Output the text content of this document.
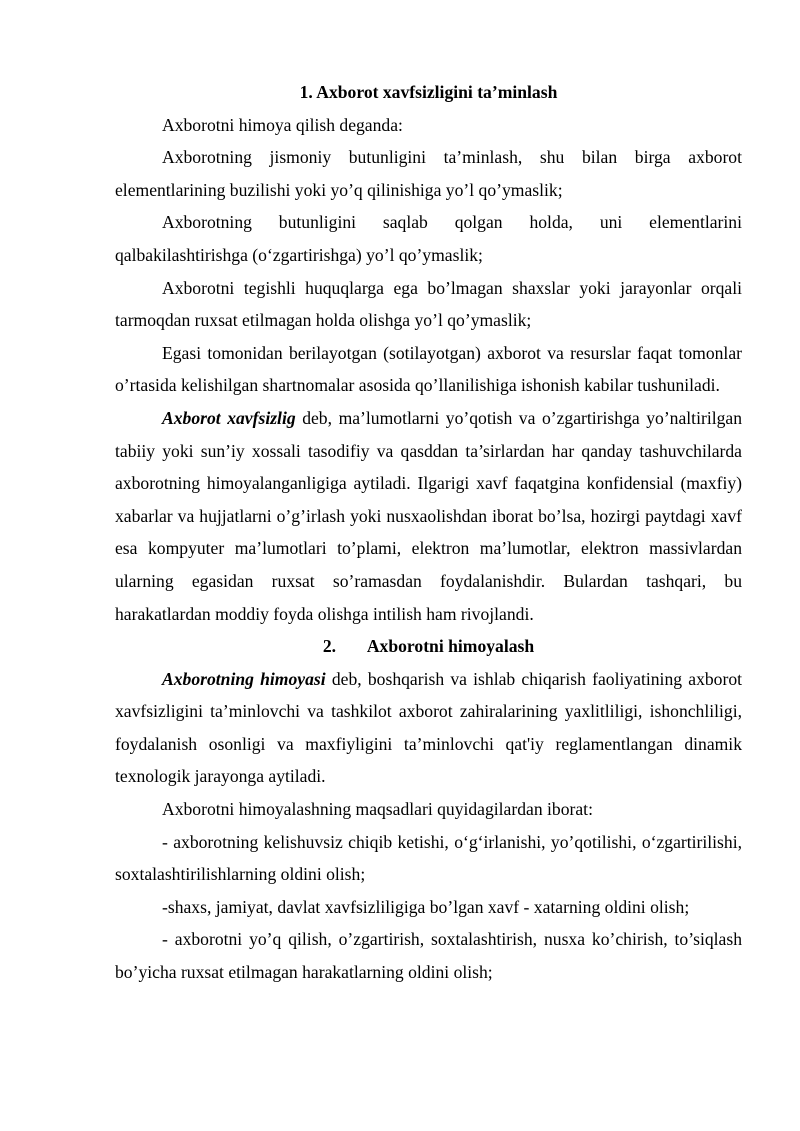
1. Axborot xavfsizligini ta’minlash

Axborotni himoya qilish deganda:

Axborotning jismoniy butunligini ta’minlash, shu bilan birga axborot elementlarining buzilishi yoki yo’q qilinishiga yo’l qo’ymaslik;

Axborotning butunligini saqlab qolgan holda, uni elementlarini qalbakilashtirishga (o‘zgartirishga) yo’l qo’ymaslik;

Axborotni tegishli huquqlarga ega bo’lmagan shaxslar yoki jarayonlar orqali tarmoqdan ruxsat etilmagan holda olishga yo’l qo’ymaslik;

Egasi tomonidan berilayotgan (sotilayotgan) axborot va resurslar faqat tomonlar o’rtasida kelishilgan shartnomalar asosida qo’llanilishiga ishonish kabilar tushuniladi.

Axborot xavfsizlig deb, ma’lumotlarni yo’qotish va o’zgartirishga yo’naltirilgan tabiiy yoki sun’iy xossali tasodifiy va qasddan ta’sirlardan har qanday tashuvchilarda axborotning himoyalanganligiga aytiladi. Ilgarigi xavf faqatgina konfidensial (maxfiy) xabarlar va hujjatlarni o’g’irlash yoki nusxaolishdan iborat bo’lsa, hozirgi paytdagi xavf esa kompyuter ma’lumotlari to’plami, elektron ma’lumotlar, elektron massivlardan ularning egasidan ruxsat so’ramasdan foydalanishdir. Bulardan tashqari, bu harakatlardan moddiy foyda olishga intilish ham rivojlandi.

2. Axborotni himoyalash

Axborotning himoyasi deb, boshqarish va ishlab chiqarish faoliyatining axborot xavfsizligini ta’minlovchi va tashkilot axborot zahiralarining yaxlitliligi, ishonchliligi, foydalanish osonligi va maxfiyligini ta’minlovchi qat'iy reglamentlangan dinamik texnologik jarayonga aytiladi.

Axborotni himoyalashning maqsadlari quyidagilardan iborat:

- axborotning kelishuvsiz chiqib ketishi, o‘g‘irlanishi, yo’qotilishi, o‘zgartirilishi, soxtalashtirilishlarning oldini olish;

-shaxs, jamiyat, davlat xavfsizliligiga bo’lgan xavf - xatarning oldini olish;

- axborotni yo’q qilish, o’zgartirish, soxtalashtirish, nusxa ko’chirish, to’siqlash bo’yicha ruxsat etilmagan harakatlarning oldini olish;
